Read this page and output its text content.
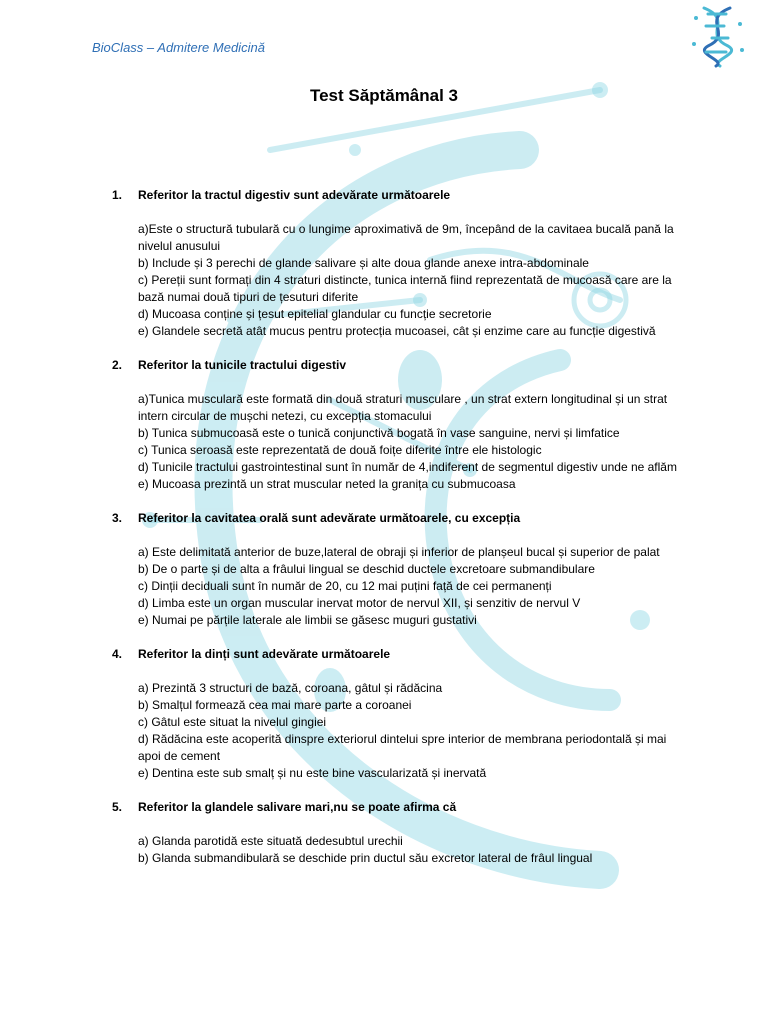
BioClass – Admitere Medicină
Test Săptămânal 3
1.	Referitor la tractul digestiv sunt adevărate următoarele

a)Este o structură tubulară cu o lungime aproximativă de 9m, începând de la cavitaea bucală pană la nivelul anusului

b) Include și 3 perechi de glande salivare și alte doua glande anexe intra-abdominale

c) Pereții sunt formați din 4 straturi distincte, tunica internă fiind reprezentată de mucoasă care are la bază numai două tipuri de țesuturi diferite

d) Mucoasa conține și țesut epitelial glandular cu funcție secretorie

e) Glandele secretă atât mucus pentru protecția mucoasei, cât și enzime care au funcție digestivă

2.	Referitor la tunicile tractului digestiv

a)Tunica musculară este formată din două straturi musculare , un strat extern longitudinal și un strat intern circular de mușchi netezi, cu excepția stomacului

b) Tunica submucoasă este o tunică conjunctivă bogată în vase sanguine, nervi și limfatice

c) Tunica seroasă este reprezentată de două foițe diferite între ele histologic

d) Tunicile tractului gastrointestinal sunt în număr de 4,indiferent de segmentul digestiv unde ne aflăm

e) Mucoasa prezintă un strat muscular neted la granița cu submucoasa

3.	Referitor la cavitatea orală sunt adevărate următoarele, cu excepția

a) Este delimitată anterior de buze,lateral de obraji și inferior de planșeul bucal și superior de palat

b) De o parte și de alta a frâului lingual se deschid ductele excretoare submandibulare

c) Dinții deciduali sunt în număr de 20, cu 12 mai puțini față de cei permanenți

d) Limba este un organ muscular inervat motor de nervul XII, și senzitiv de nervul V

e) Numai pe părțile laterale ale limbii se găsesc muguri gustativi

4.	Referitor la dinți sunt adevărate următoarele

a) Prezintă 3 structuri de bază, coroana, gâtul și rădăcina

b) Smalțul formează cea mai mare parte a coroanei

c) Gâtul este situat la nivelul gingiei

d) Rădăcina este acoperită dinspre exteriorul dintelui spre interior de membrana periodontală și mai apoi de cement

e) Dentina este sub smalț și nu este bine vascularizată și inervată

5.	Referitor la glandele salivare mari,nu se poate afirma că

a) Glanda parotidă este situată dedesubtul urechii

b) Glanda submandibulară se deschide prin ductul său excretor lateral de frâul lingual
